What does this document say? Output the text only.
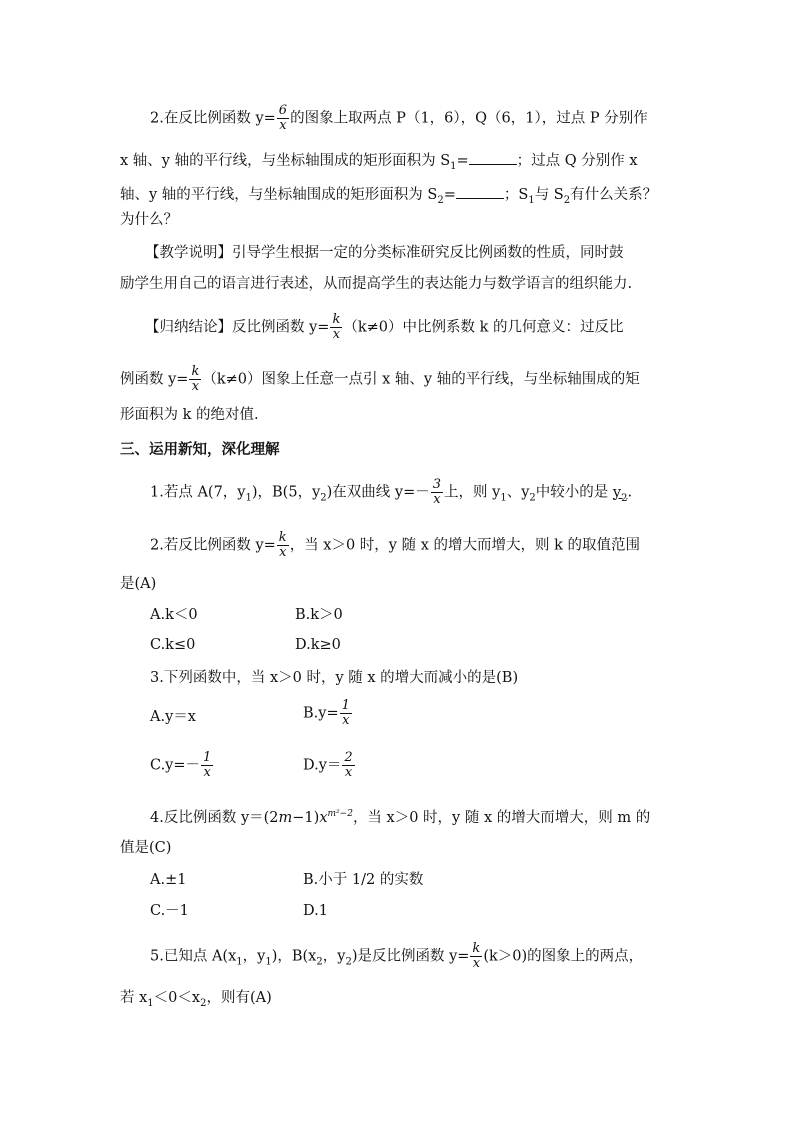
2.在反比例函数 $y= \frac{6}{x}$ 的图象上取两点 P（1，6），Q（6，1），过点 P 分别作
x 轴、y 轴的平行线，与坐标轴围成的矩形面积为 $S_1=$	；过点 Q 分别作 x
轴、y 轴的平行线，与坐标轴围成的矩形面积为 $S_2=$	；$S_1$与 $S_2$有什么关系？
为什么？
【教学说明】引导学生根据一定的分类标准研究反比例函数的性质，同时鼓
励学生用自己的语言进行表述，从而提高学生的表达能力与数学语言的组织能力.
【归纳结论】反比例函数 $y= \frac{k}{x} (k\ne 0)$中比例系数 k 的几何意义：过反比
例函数 $y= \frac{k}{x} (k\ne 0)$图象上任意一点引 x 轴、y 轴的平行线，与坐标轴围成的矩
形面积为 k 的绝对值.
三、运用新知，深化理解
1.若点 A(7，$y_1$)，B(5，$y_2$)在双曲线 $y=- \frac{3}{x}$ 上，则 $y_1$、$y_2$中较小的是 $y_2$.
2.若反比例函数 $y= \frac{k}{x}$ ，当 x＞0 时，y 随 x 的增大而增大，则 k 的取值范围
是(A)
A.k＜0	B.k＞0
C.k≤0	D.k≥0
3.下列函数中，当 x＞0 时，y 随 x 的增大而减小的是(B)
A.y＝x	$B.y= \frac{1}{x}$
$C.y=- \frac{1}{x}$	$D.y= \frac{2}{x}$
4.反比例函数 $y=(2m-1)x^{m^2-2}$，当 x＞0 时，y 随 x 的增大而增大，则 m 的
值是(C)
A.±1	B.小于 1/2 的实数
C.－1	D.1
5.已知点 $A(x_1$，$y_1$)，$B(x_2$，$y_2$)是反比例函数 $y= \frac{k}{x} (k>0)$的图象上的两点，
若 $x_1<0<x_2$，则有(A)
